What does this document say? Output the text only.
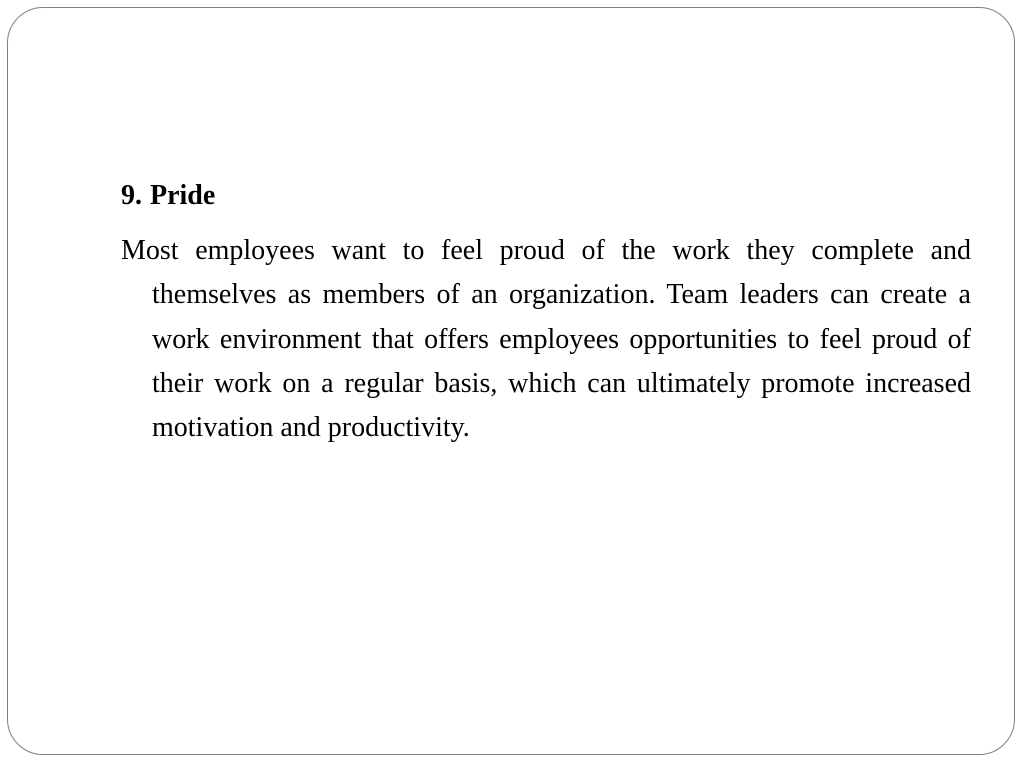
9. Pride

Most employees want to feel proud of the work they complete and themselves as members of an organization. Team leaders can create a work environment that offers employees opportunities to feel proud of their work on a regular basis, which can ultimately promote increased motivation and productivity.
